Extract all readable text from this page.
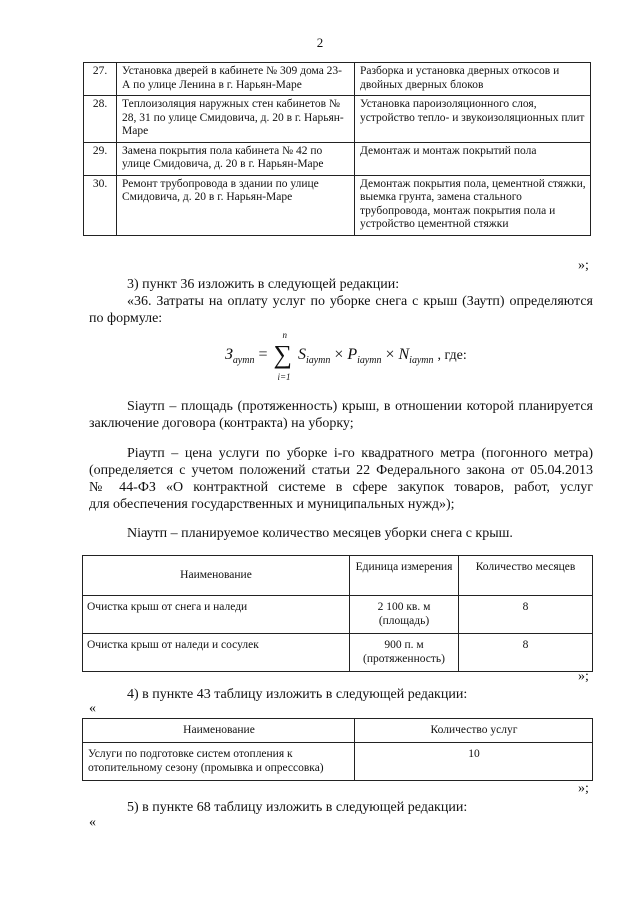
2
27.	Установка дверей в кабинете № 309 дома 23-А по улице Ленина в г. Нарьян-Маре	Разборка и установка дверных откосов и двойных дверных блоков
28.	Теплоизоляция наружных стен кабинетов № 28, 31 по улице Смидовича, д. 20 в г. Нарьян-Маре	Установка пароизоляционного слоя, устройство тепло- и звукоизоляционных плит
29.	Замена покрытия пола кабинета № 42 по улице Смидовича, д. 20 в г. Нарьян-Маре	Демонтаж и монтаж покрытий пола
30.	Ремонт трубопровода в здании по улице Смидовича, д. 20 в г. Нарьян-Маре	Демонтаж покрытия пола, цементной стяжки, выемка грунта, замена стального трубопровода, монтаж покрытия пола и устройство цементной стяжки
»;

3) пункт 36 изложить в следующей редакции:

«36. Затраты на оплату услуг по уборке снега с крыш (Заутп) определяются

по формуле:

$З_{аутп}$ = ∑
n
i=1
$S_{iаутп} \times P_{iаутп} \times N_{iаутп}$ , где:

Siаутп – площадь (протяженность) крыш, в отношении которой планируется

заключение договора (контракта) на уборку;

Piаутп – цена услуги по уборке i-го квадратного метра (погонного метра)

(определяется с учетом положений статьи 22 Федерального закона от 05.04.2013

№ 44-ФЗ «О контрактной системе в сфере закупок товаров, работ, услуг

для обеспечения государственных и муниципальных нужд»);

Niаутп – планируемое количество месяцев уборки снега с крыш.

Наименование	Единица измерения	Количество месяцев
Очистка крыш от снега и наледи	2 100 кв. м (площадь)	8
Очистка крыш от наледи и сосулек	900 п. м (протяженность)	8
»;

4) в пункте 43 таблицу изложить в следующей редакции:

«
Наименование	Количество услуг
Услуги по подготовке систем отопления к отопительному сезону (промывка и опрессовка)	10
»;

5) в пункте 68 таблицу изложить в следующей редакции:

«
